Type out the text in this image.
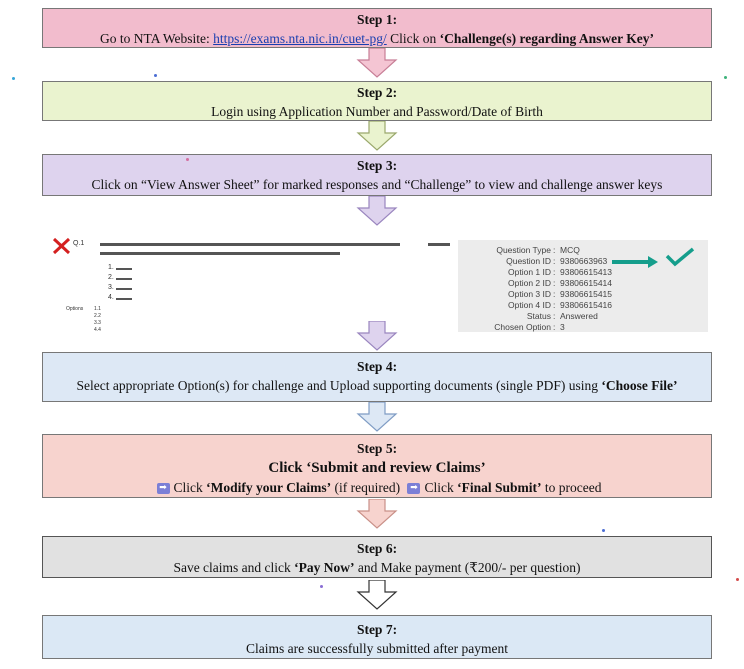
Step 1:
Go to NTA Website: https://exams.nta.nic.in/cuet-pg/ Click on ‘Challenge(s) regarding Answer Key’
Step 2:
Login using Application Number and Password/Date of Birth
Step 3:
Click on “View Answer Sheet” for marked responses and “Challenge” to view and challenge answer keys
Q.1
1.
2.
3.
4.
Options 1.1
2.2
3.3
4.4
Question Type : MCQ
Question ID : 9380663963
Option 1 ID : 93806615413
Option 2 ID : 93806615414
Option 3 ID : 93806615415
Option 4 ID : 93806615416
Status : Answered
Chosen Option : 3
Step 4:
Select appropriate Option(s) for challenge and Upload supporting documents (single PDF) using ‘Choose File’
Step 5:
Click ‘Submit and review Claims’
➡ Click ‘Modify your Claims’ (if required) ➡ Click ‘Final Submit’ to proceed
Step 6:
Save claims and click ‘Pay Now’ and Make payment (₹200/- per question)
Step 7:
Claims are successfully submitted after payment
